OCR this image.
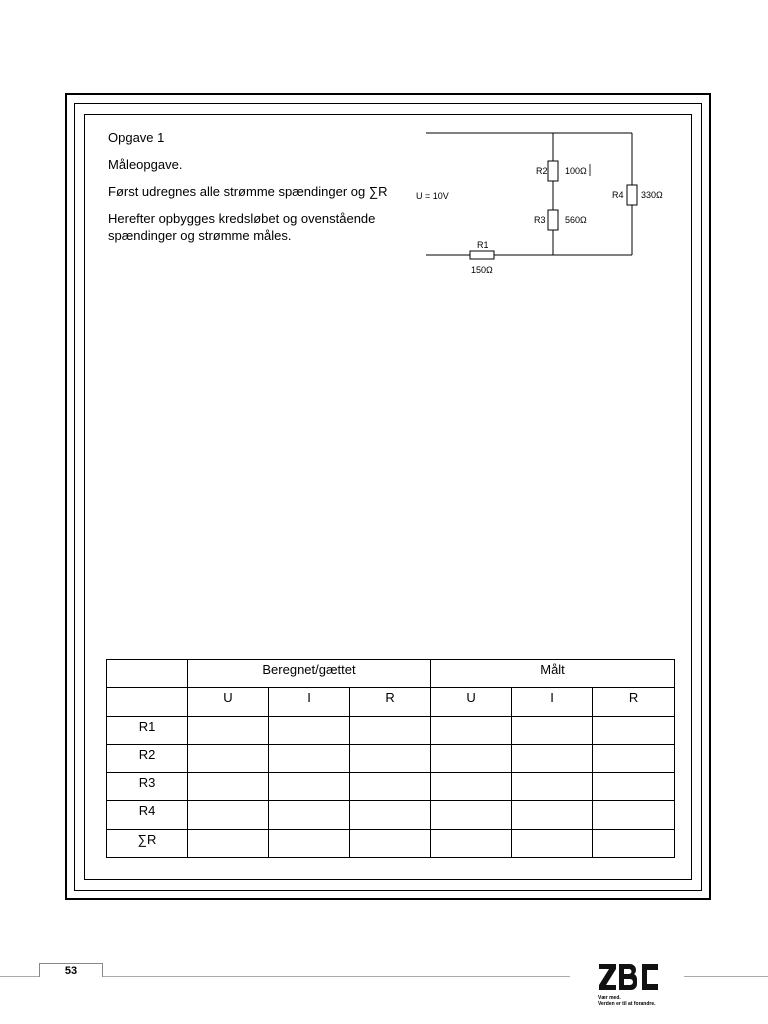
Opgave 1

Måleopgave.

Først udregnes alle strømme spændinger og ∑R

Herefter opbygges kredsløbet og ovenstående

spændinger og strømme måles.

U = 10V
R2 100Ω
R3 560Ω
R4 330Ω
R1
150Ω
	Beregnet/gættet			Målt		
	U	I	R	U	I	R
R1						
R2						
R3						
R4						
∑R						
53
Vær med.
Verden er til at forandre.
